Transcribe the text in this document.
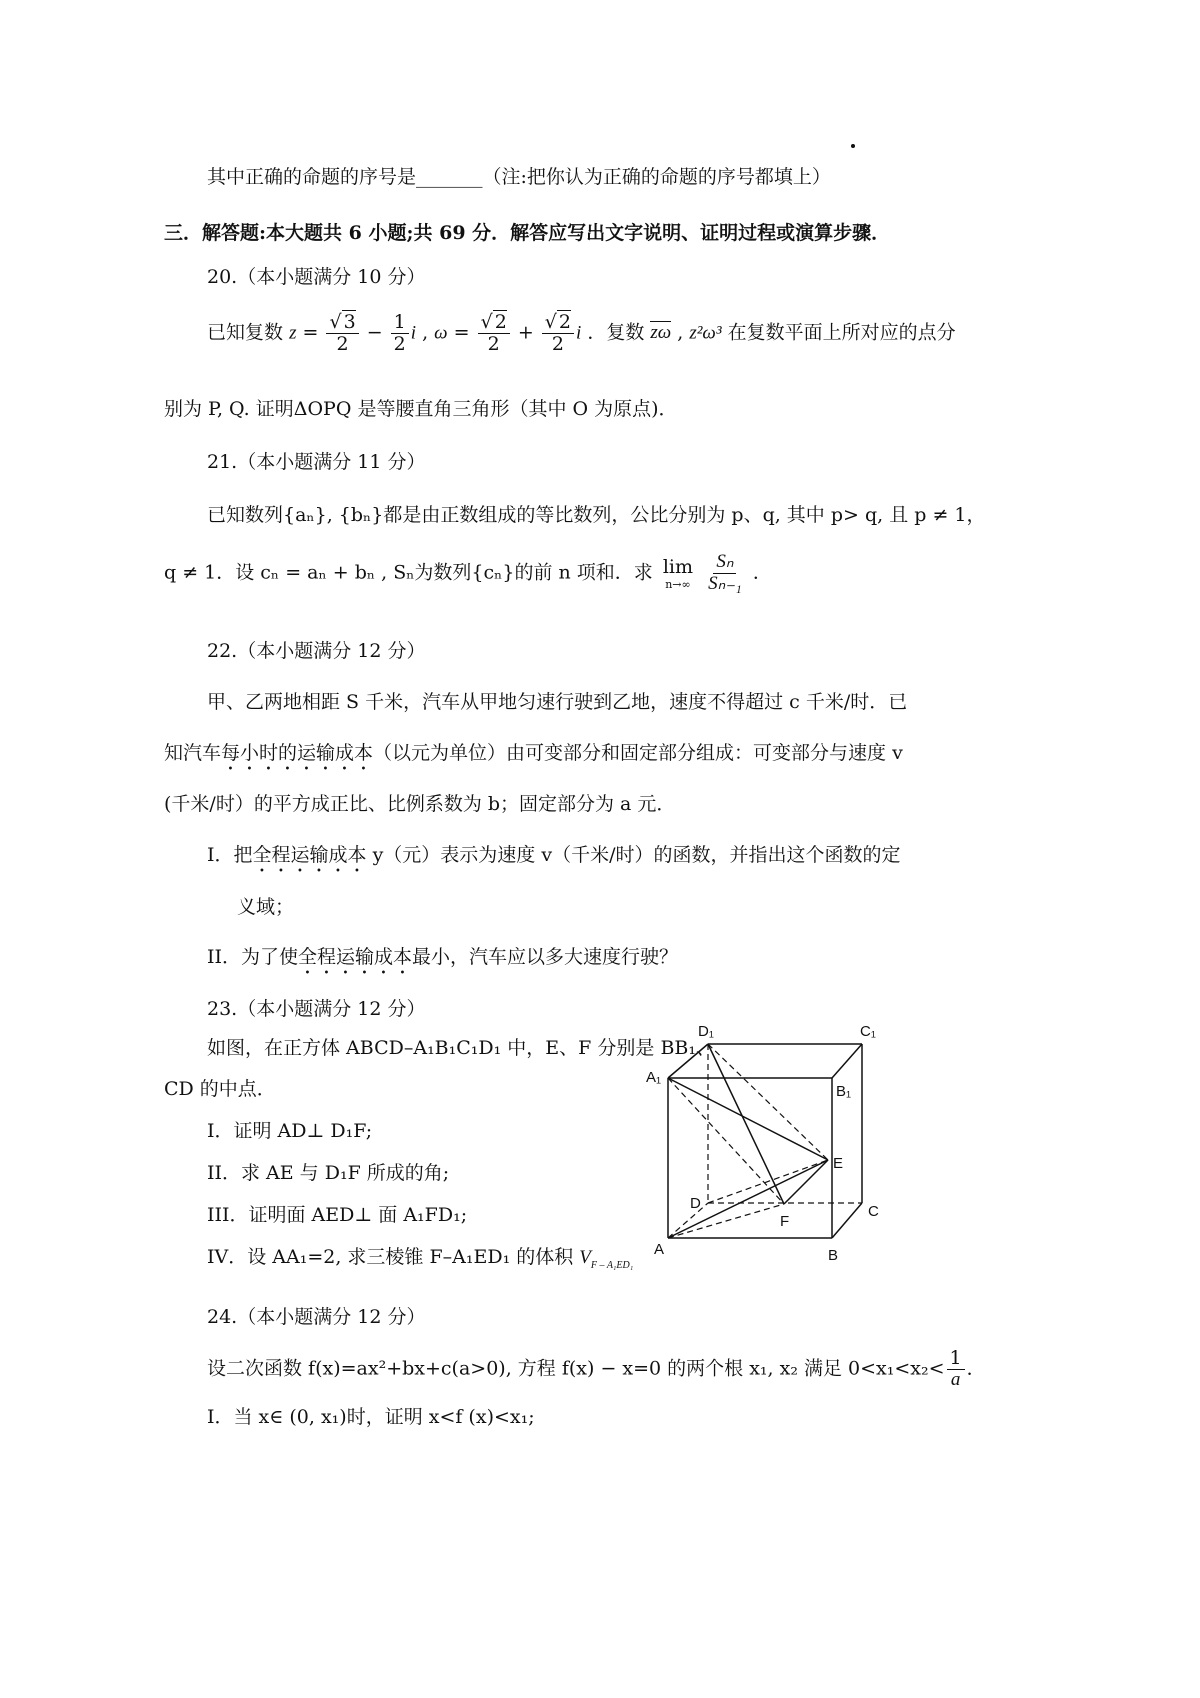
其中正确的命题的序号是_______（注:把你认为正确的命题的序号都填上）
三．解答题:本大题共 6 小题;共 69 分．解答应写出文字说明、证明过程或演算步骤．
20.（本小题满分 10 分）
已知复数 $z = \frac{√ 3}{2} - \frac{1}{2}$ i , $\omega = \frac{√ 2}{2} + \frac{√ 2}{2}$ i ．复数 zω , z²ω³ 在复数平面上所对应的点分
别为 P, Q. 证明ΔOPQ 是等腰直角三角形（其中 O 为原点)．
21.（本小题满分 11 分）
已知数列{aₙ}, {bₙ}都是由正数组成的等比数列，公比分别为 p、q, 其中 p> q, 且 p ≠ 1，
q ≠ 1．设 cₙ = aₙ + bₙ , Sₙ为数列{cₙ}的前 n 项和．求 lim
n→∞
$\frac{\text{Sₙ}}{\text{Sₙ₋₁}}$ ．
22.（本小题满分 12 分）
甲、乙两地相距 S 千米，汽车从甲地匀速行驶到乙地，速度不得超过 c 千米/时．已
知汽车每小时的运输成本（以元为单位）由可变部分和固定部分组成：可变部分与速度 v
(千米/时）的平方成正比、比例系数为 b；固定部分为 a 元．
I．把全程运输成本 y（元）表示为速度 v（千米/时）的函数，并指出这个函数的定
义域；
II．为了使全程运输成本最小，汽车应以多大速度行驶？
23.（本小题满分 12 分）
如图，在正方体 ABCD–A₁B₁C₁D₁ 中，E、F 分别是 BB₁、
CD 的中点．
I．证明 AD⊥ D₁F;
II．求 AE 与 D₁F 所成的角;
III．证明面 AED⊥ 面 A₁FD₁;
IV．设 AA₁=2, 求三棱锥 F–A₁ED₁ 的体积 $V_{F - A_1ED_1}$
D₁	C₁
A₁
B₁
E
D
F
C
A	B
24.（本小题满分 12 分）
设二次函数 f(x)=ax²+bx+c(a>0), 方程 f(x) − x=0 的两个根 x₁, x₂ 满足 $0<x_1<x_2< \frac{1}{a}$ ．
I．当 x∈ (0, x₁)时，证明 x<f (x)<x₁;
